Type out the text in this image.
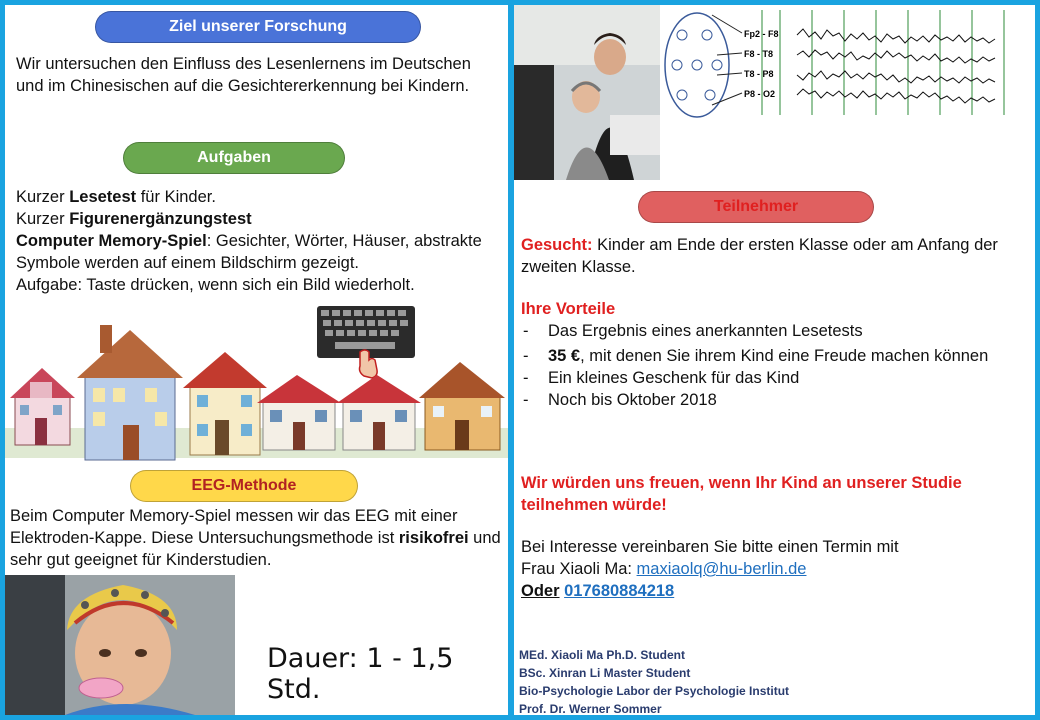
Ziel unserer Forschung
Wir untersuchen den Einfluss des Lesenlernens im Deutschen und im Chinesischen auf die Gesichtererkennung bei Kindern.
Aufgaben
Kurzer Lesetest für Kinder.
Kurzer Figurenergänzungstest
Computer Memory-Spiel: Gesichter, Wörter, Häuser, abstrakte Symbole werden auf einem Bildschirm gezeigt.
Aufgabe: Taste drücken, wenn sich ein Bild wiederholt.
EEG-Methode
Beim Computer Memory-Spiel messen wir das EEG mit einer Elektroden-Kappe. Diese Untersuchungsmethode ist risikofrei und sehr gut geeignet für Kinderstudien.
Dauer: 1 - 1,5 Std.
Fp2 - F8
F8 - T8
T8 - P8
P8 - O2
Teilnehmer
Gesucht: Kinder am Ende der ersten Klasse oder am Anfang der zweiten Klasse.
Ihre Vorteile
- Das Ergebnis eines anerkannten Lesetests
- 35 €, mit denen Sie ihrem Kind eine Freude machen können
- Ein kleines Geschenk für das Kind
- Noch bis Oktober 2018
Wir würden uns freuen, wenn Ihr Kind an unserer Studie teilnehmen würde!
Bei Interesse vereinbaren Sie bitte einen Termin mit
Frau Xiaoli Ma: maxiaolq@hu-berlin.de
Oder 017680884218
MEd. Xiaoli Ma Ph.D. Student
BSc. Xinran Li Master Student
Bio-Psychologie Labor der Psychologie Institut
Prof. Dr. Werner Sommer
